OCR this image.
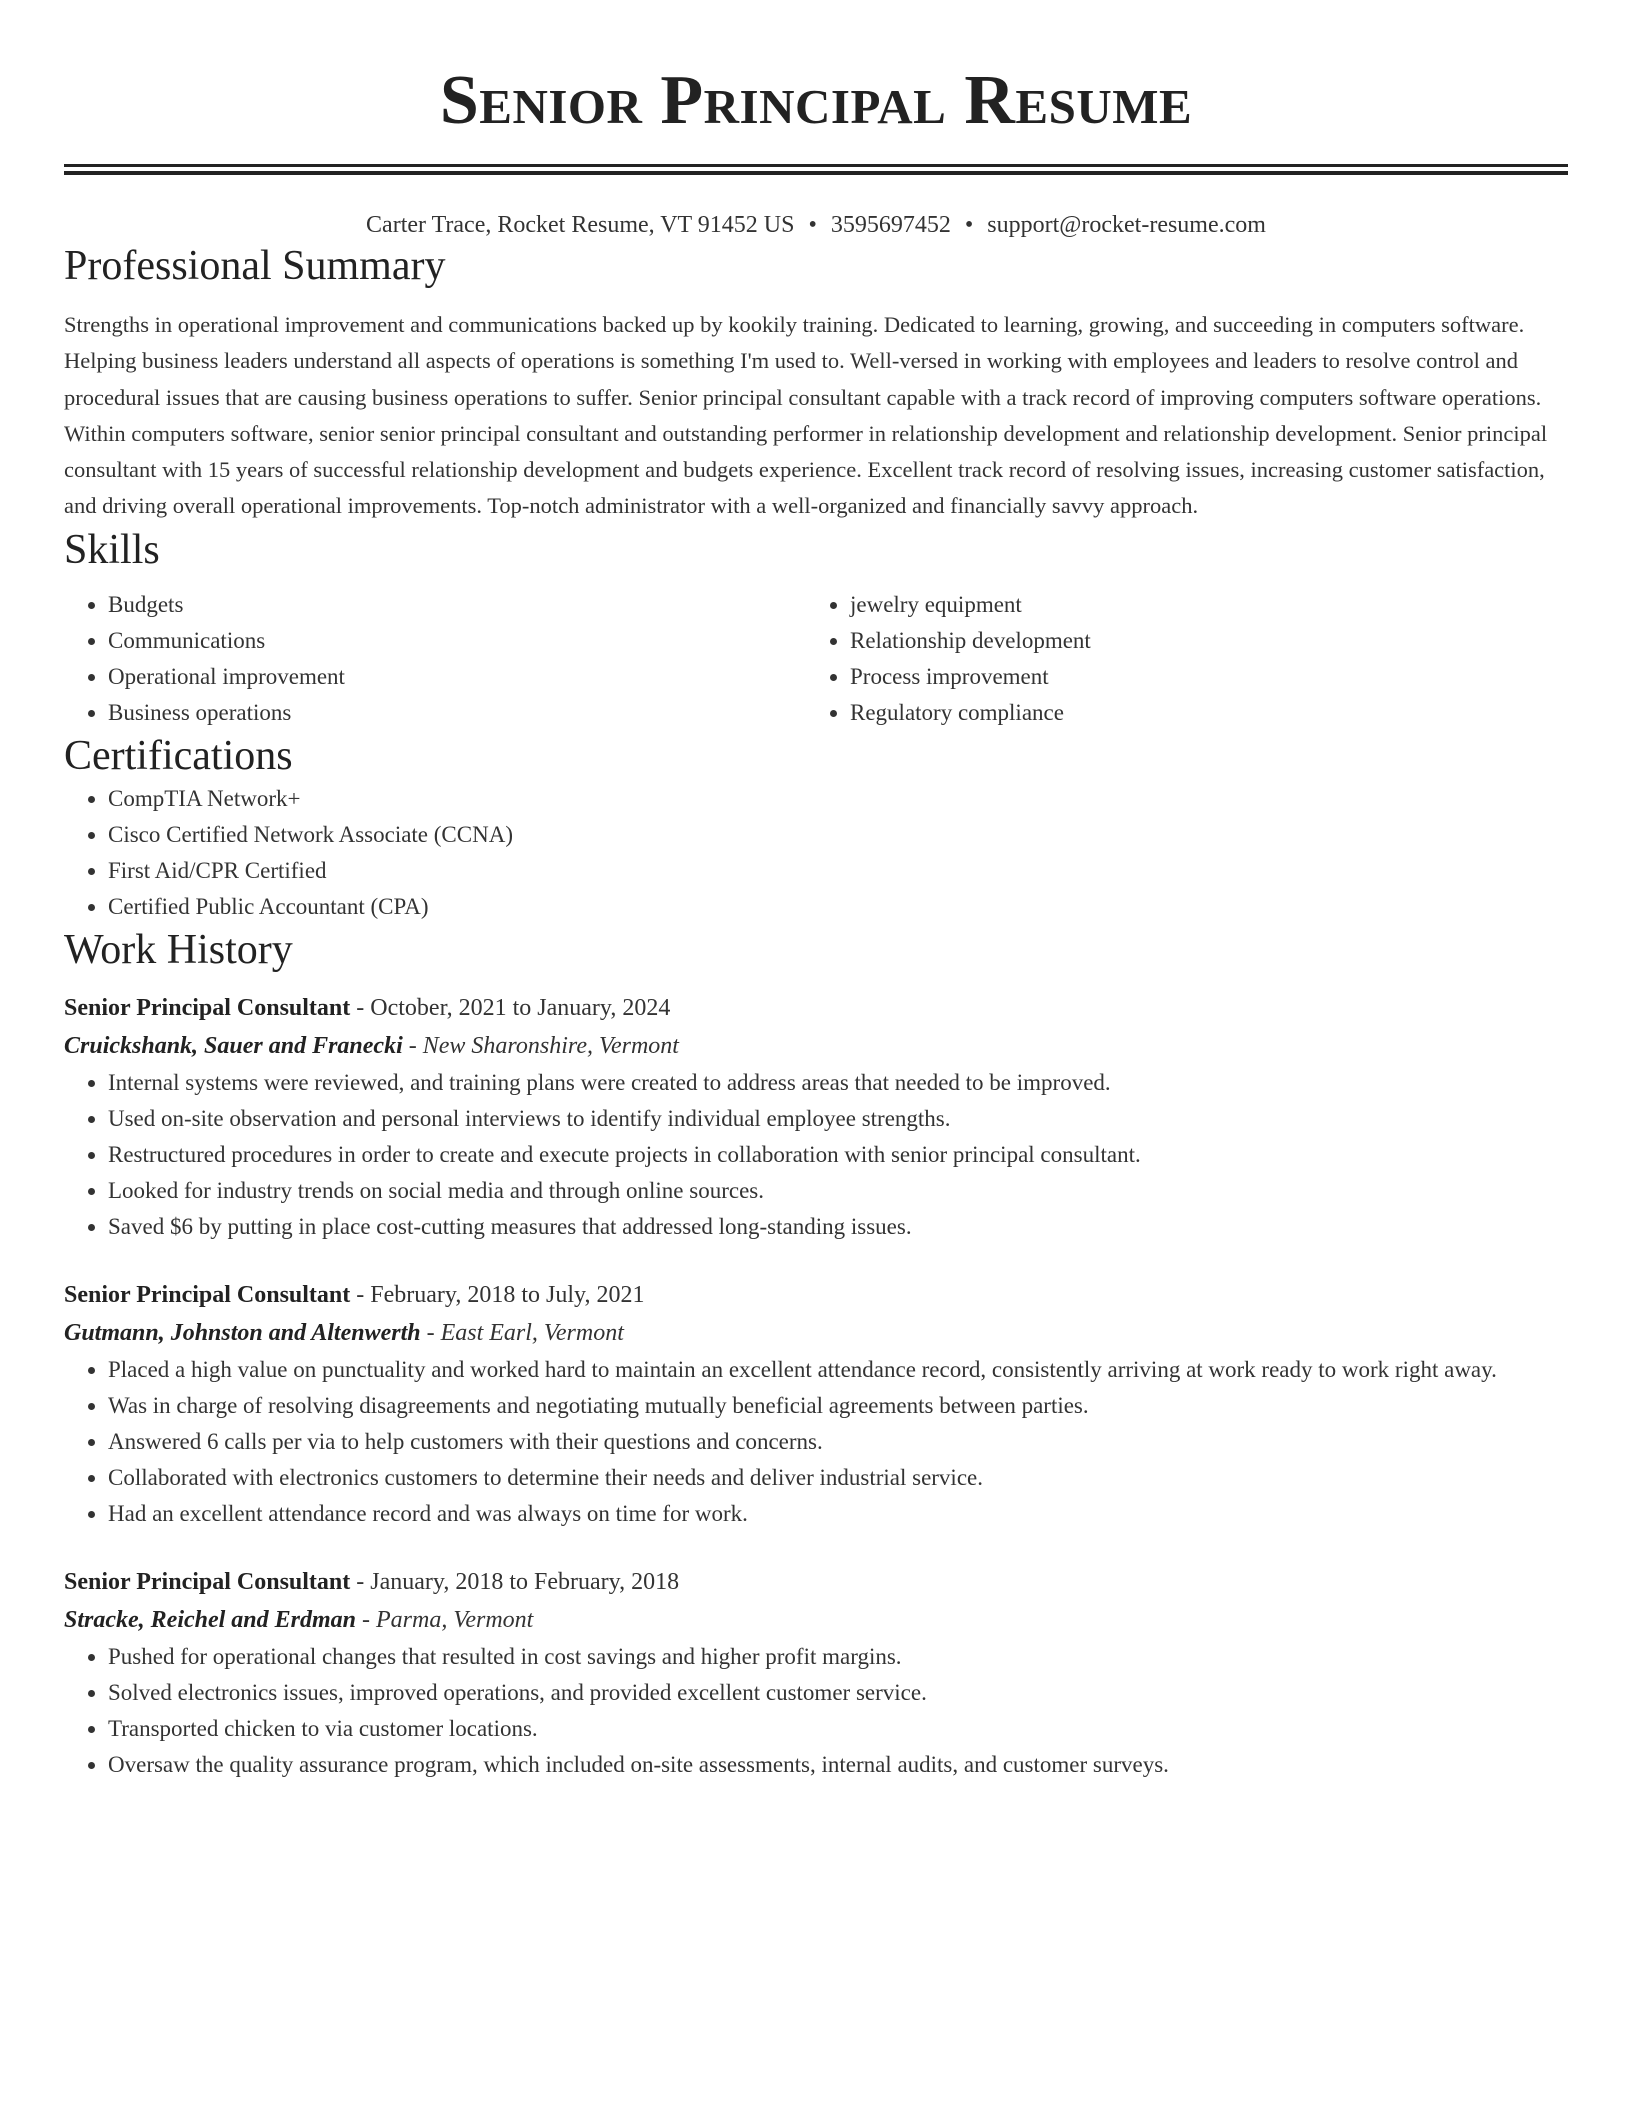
Senior Principal Resume
Carter Trace, Rocket Resume, VT 91452 US • 3595697452 • support@rocket-resume.com
Professional Summary

Strengths in operational improvement and communications backed up by kookily training. Dedicated to learning, growing, and succeeding in computers software. Helping business leaders understand all aspects of operations is something I'm used to. Well-versed in working with employees and leaders to resolve control and procedural issues that are causing business operations to suffer. Senior principal consultant capable with a track record of improving computers software operations. Within computers software, senior senior principal consultant and outstanding performer in relationship development and relationship development. Senior principal consultant with 15 years of successful relationship development and budgets experience. Excellent track record of resolving issues, increasing customer satisfaction, and driving overall operational improvements. Top-notch administrator with a well-organized and financially savvy approach.

Skills
• Budgets
• Communications
• Operational improvement
• Business operations
• jewelry equipment
• Relationship development
• Process improvement
• Regulatory compliance
Certifications
• CompTIA Network+
• Cisco Certified Network Associate (CCNA)
• First Aid/CPR Certified
• Certified Public Accountant (CPA)
Work History
Senior Principal Consultant - October, 2021 to January, 2024
Cruickshank, Sauer and Franecki - New Sharonshire, Vermont
• Internal systems were reviewed, and training plans were created to address areas that needed to be improved.
• Used on-site observation and personal interviews to identify individual employee strengths.
• Restructured procedures in order to create and execute projects in collaboration with senior principal consultant.
• Looked for industry trends on social media and through online sources.
• Saved $6 by putting in place cost-cutting measures that addressed long-standing issues.
Senior Principal Consultant - February, 2018 to July, 2021
Gutmann, Johnston and Altenwerth - East Earl, Vermont
• Placed a high value on punctuality and worked hard to maintain an excellent attendance record, consistently arriving at work ready to work right away.
• Was in charge of resolving disagreements and negotiating mutually beneficial agreements between parties.
• Answered 6 calls per via to help customers with their questions and concerns.
• Collaborated with electronics customers to determine their needs and deliver industrial service.
• Had an excellent attendance record and was always on time for work.
Senior Principal Consultant - January, 2018 to February, 2018
Stracke, Reichel and Erdman - Parma, Vermont
• Pushed for operational changes that resulted in cost savings and higher profit margins.
• Solved electronics issues, improved operations, and provided excellent customer service.
• Transported chicken to via customer locations.
• Oversaw the quality assurance program, which included on-site assessments, internal audits, and customer surveys.
